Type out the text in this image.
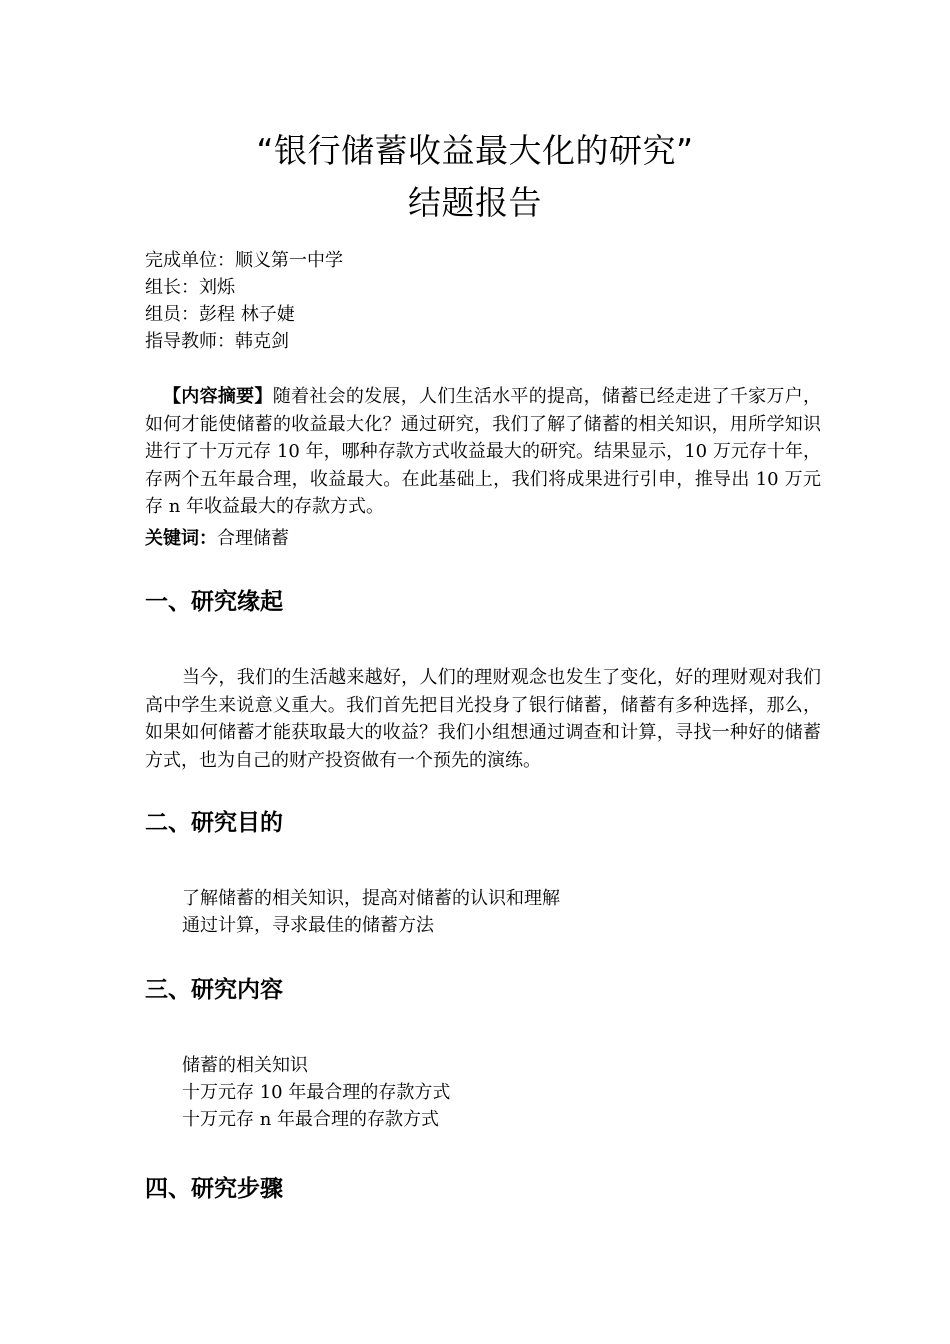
“银行储蓄收益最大化的研究”
结题报告
完成单位：顺义第一中学
组长：刘烁
组员：彭程 林子婕
指导教师：韩克剑
【内容摘要】随着社会的发展，人们生活水平的提高，储蓄已经走进了千家万户，如何才能使储蓄的收益最大化？通过研究，我们了解了储蓄的相关知识，用所学知识进行了十万元存 10 年，哪种存款方式收益最大的研究。结果显示，10 万元存十年，存两个五年最合理，收益最大。在此基础上，我们将成果进行引申，推导出 10 万元存 n 年收益最大的存款方式。
关键词：合理储蓄
一、研究缘起
当今，我们的生活越来越好，人们的理财观念也发生了变化，好的理财观对我们高中学生来说意义重大。我们首先把目光投身了银行储蓄，储蓄有多种选择，那么，如果如何储蓄才能获取最大的收益？我们小组想通过调查和计算，寻找一种好的储蓄方式，也为自己的财产投资做有一个预先的演练。
二、研究目的
了解储蓄的相关知识，提高对储蓄的认识和理解
通过计算，寻求最佳的储蓄方法
三、研究内容
储蓄的相关知识
十万元存 10 年最合理的存款方式
十万元存 n 年最合理的存款方式
四、研究步骤
